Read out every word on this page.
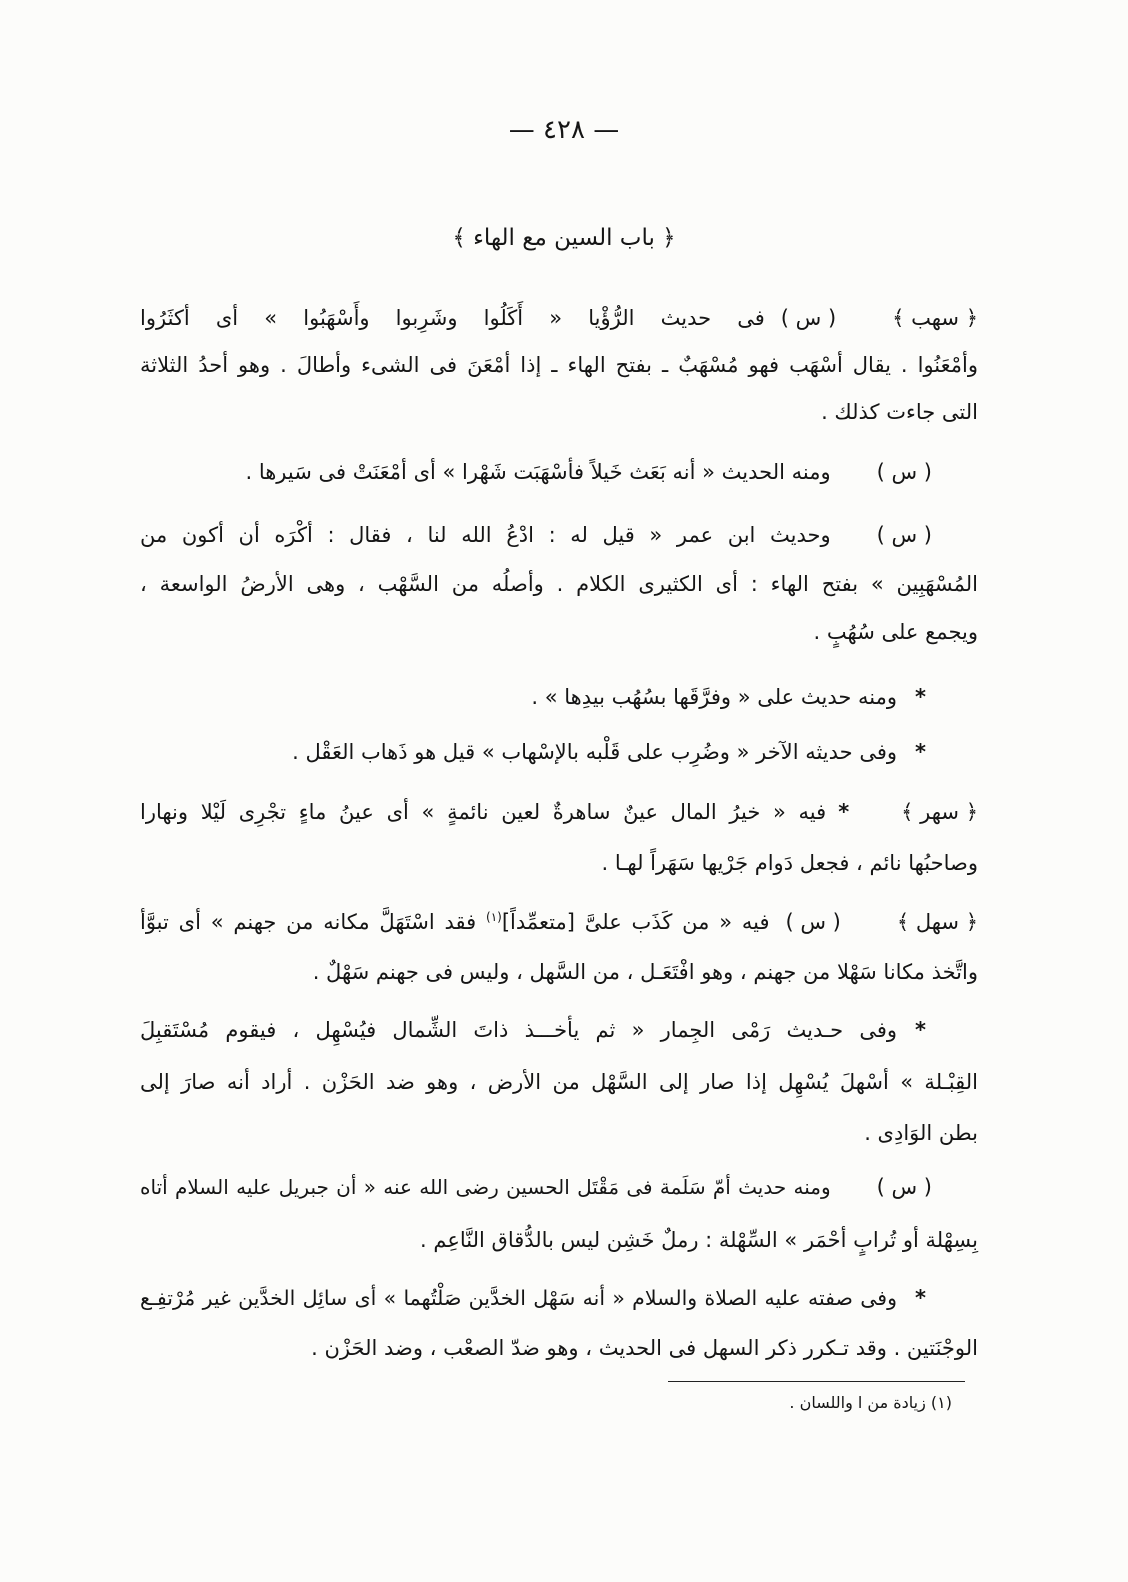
— ٤٢٨ —
﴿ باب السين مع الهاء ﴾
﴿ سهب ﴾
( س )
فى حديث الرُّؤْيا « أَكَلُوا وشَرِبوا وأَسْهَبُوا » أى أكثَرُوا
وأمْعَنُوا . يقال أسْهَب فهو مُسْهَبٌ ـ بفتح الهاء ـ إذا أمْعَنَ فى الشىء وأطالَ . وهو أحدُ الثلاثة
التى جاءت كذلك .
( س )
ومنه الحديث « أنه بَعَث خَيلاً فأسْهَبَت شَهْرا » أى أمْعَنَتْ فى سَيرها .
( س )
وحديث ابن عمر « قيل له : ادْعُ الله لنا ، فقال : أكْرَه أن أكون من
المُسْهَبِين » بفتح الهاء : أى الكثيرى الكلام . وأصلُه من السَّهْب ، وهى الأرضُ الواسعة ،
ويجمع على سُهُبٍ .
*
ومنه حديث على « وفرَّقَها بسُهُب بيدِها » .
*
وفى حديثه الآخر « وضُرِب على قَلْبه بالإسْهاب » قيل هو ذَهاب العَقْل .
﴿ سهر ﴾
*
فيه « خيرُ المال عينٌ ساهرةٌ لعين نائمةٍ » أى عينُ ماءٍ تجْرِى لَيْلا ونهارا
وصاحبُها نائم ، فجعل دَوام جَرْيها سَهَراً لهـا .
﴿ سهل ﴾
( س )
فيه « من كَذَب علىَّ [متعمِّداً]$^{(١)}$ فقد اسْتَهَلَّ مكانه من جهنم » أى تبوَّأ
واتَّخذ مكانا سَهْلا من جهنم ، وهو افْتَعَـل ، من السَّهل ، وليس فى جهنم سَهْلٌ .
*
وفى حـديث رَمْى الجِمار « ثم يأخـــذ ذاتَ الشِّمال فيُسْهِل ، فيقوم مُسْتَقبِلَ
القِبْـلة » أسْهلَ يُسْهِل إذا صار إلى السَّهْل من الأرض ، وهو ضد الحَزْن . أراد أنه صارَ إلى
بطن الوَادِى .
( س )
ومنه حديث أمّ سَلَمة فى مَقْتَل الحسين رضى الله عنه « أن جبريل عليه السلام أتاه
بِسِهْلة أو تُرابٍ أحْمَر » السِّهْلة : رملٌ خَشِن ليس بالدُّقاق النَّاعِم .
*
وفى صفته عليه الصلاة والسلام « أنه سَهْل الخدَّين صَلْتُهما » أى سائِل الخدَّين غير مُرْتفِـع
الوجْنَتين . وقد تـكرر ذكر السهل فى الحديث ، وهو ضدّ الصعْب ، وضد الحَزْن .
(١) زيادة من ا واللسان .
